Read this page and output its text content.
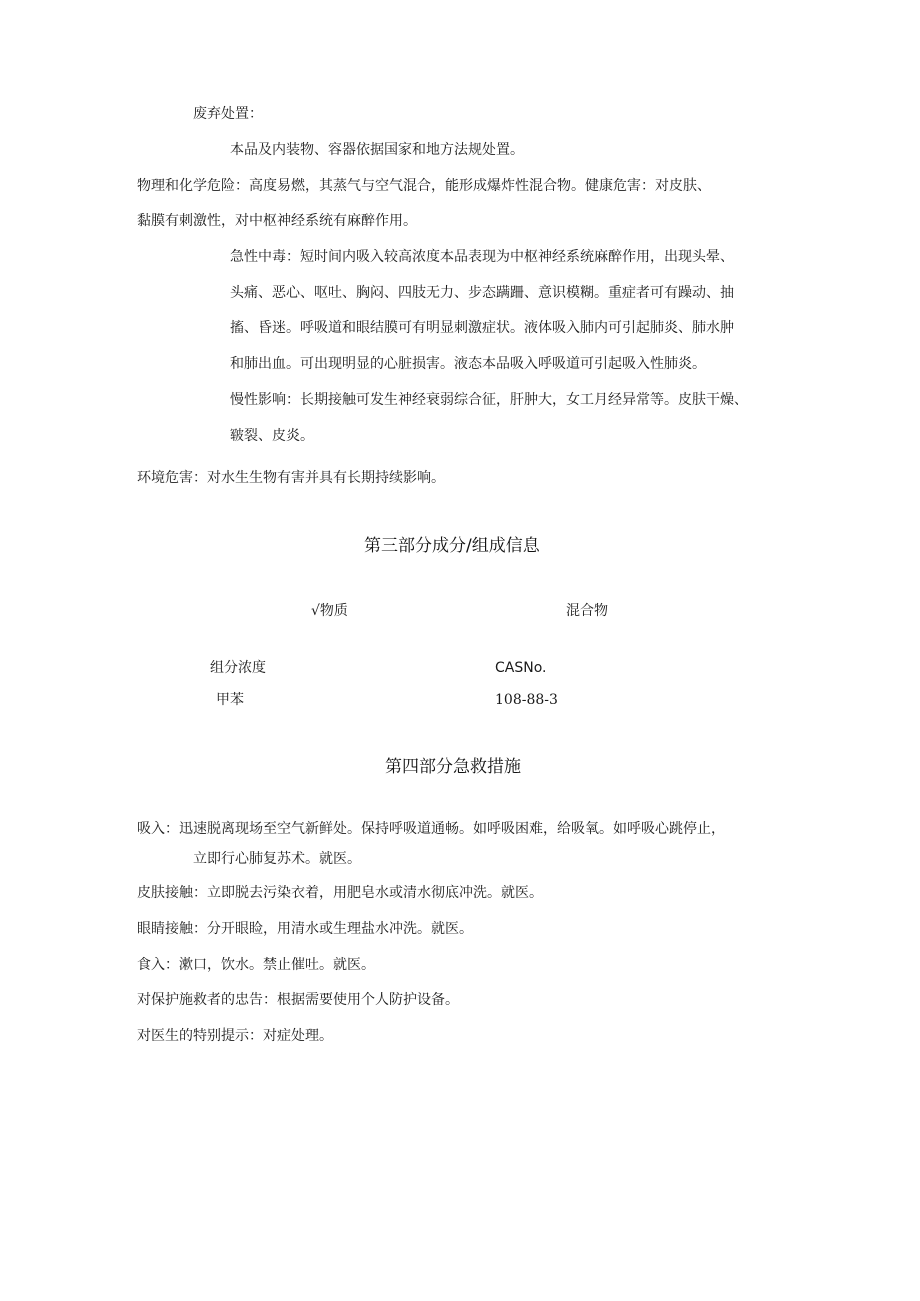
废弃处置：
本品及内装物、容器依据国家和地方法规处置。
物理和化学危险：高度易燃，其蒸气与空气混合，能形成爆炸性混合物。健康危害：对皮肤、
黏膜有刺激性，对中枢神经系统有麻醉作用。
急性中毒：短时间内吸入较高浓度本品表现为中枢神经系统麻醉作用，出现头晕、
头痛、恶心、呕吐、胸闷、四肢无力、步态蹒跚、意识模糊。重症者可有躁动、抽
搐、昏迷。呼吸道和眼结膜可有明显刺激症状。液体吸入肺内可引起肺炎、肺水肿
和肺出血。可出现明显的心脏损害。液态本品吸入呼吸道可引起吸入性肺炎。
慢性影响：长期接触可发生神经衰弱综合征，肝肿大，女工月经异常等。皮肤干燥、
皲裂、皮炎。
环境危害：对水生生物有害并具有长期持续影响。
第三部分成分/组成信息
√物质	混合物
组分浓度	CASNo.
甲苯	108-88-3
第四部分急救措施
吸入：迅速脱离现场至空气新鲜处。保持呼吸道通畅。如呼吸困难，给吸氧。如呼吸心跳停止，
立即行心肺复苏术。就医。
皮肤接触：立即脱去污染衣着，用肥皂水或清水彻底冲洗。就医。
眼睛接触：分开眼睑，用清水或生理盐水冲洗。就医。
食入：漱口，饮水。禁止催吐。就医。
对保护施救者的忠告：根据需要使用个人防护设备。
对医生的特别提示：对症处理。
